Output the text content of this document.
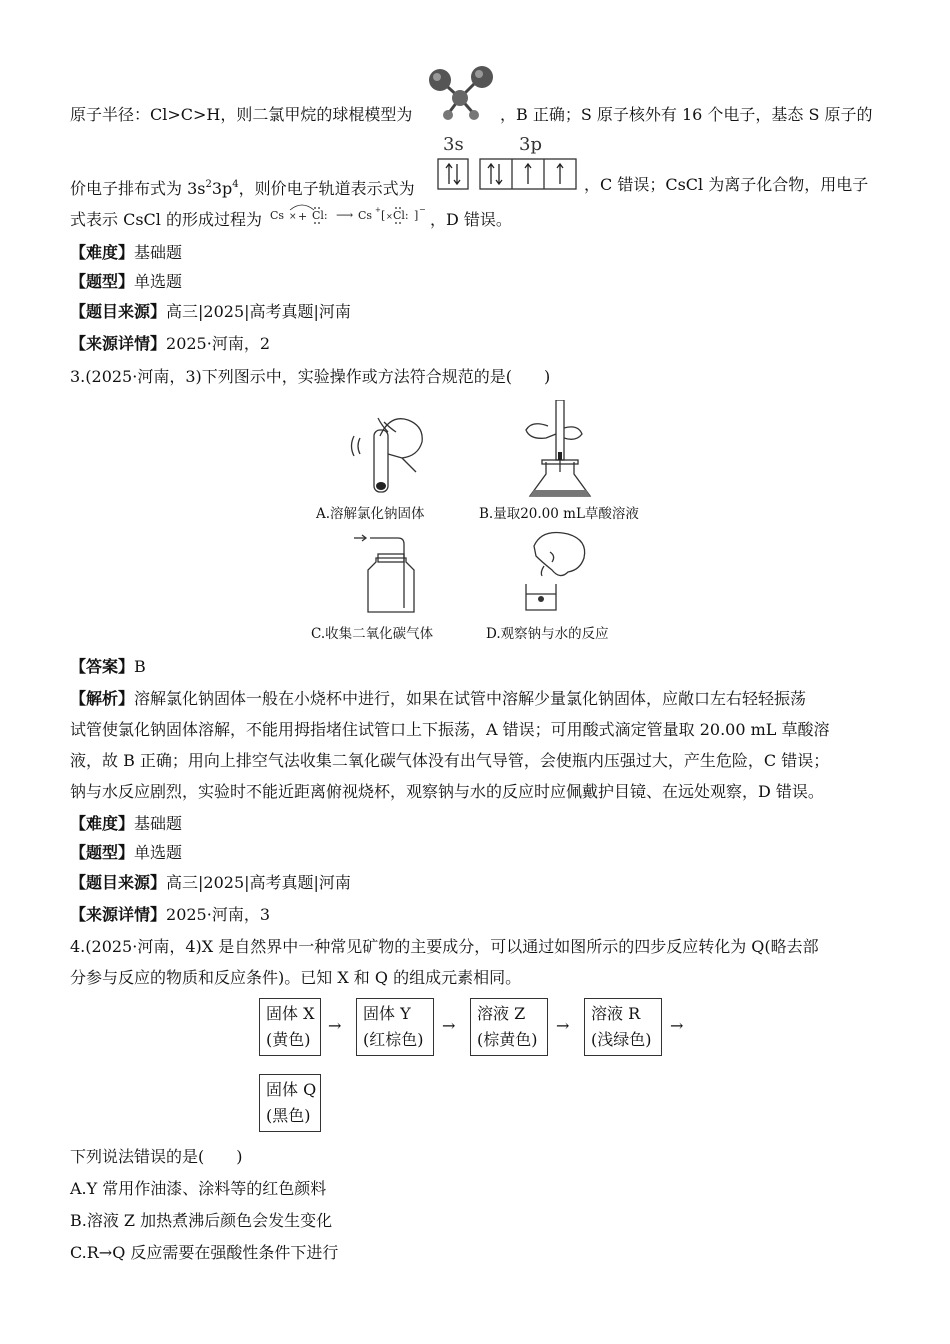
原子半径：Cl>C>H，则二氯甲烷的球棍模型为	，B 正确；S 原子核外有 16 个电子，基态 S 原子的
3s	3p
价电子排布式为 $3s^23p^4$，则价电子轨道表示式为	，C 错误；CsCl 为离子化合物，用电子
式表示 CsCl 的形成过程为 Cs × + Cl: ⟶ Cs + [ × Cl: ] −
，D 错误。
【难度】基础题
【题型】单选题
【题目来源】高三|2025|高考真题|河南
【来源详情】2025·河南，2
3.(2025·河南，3)下列图示中，实验操作或方法符合规范的是(　　)
A.溶解氯化钠固体	B.量取20.00 mL草酸溶液
C.收集二氧化碳气体	D.观察钠与水的反应
【答案】B
【解析】溶解氯化钠固体一般在小烧杯中进行，如果在试管中溶解少量氯化钠固体，应敞口左右轻轻振荡
试管使氯化钠固体溶解，不能用拇指堵住试管口上下振荡，A 错误；可用酸式滴定管量取 20.00 mL 草酸溶
液，故 B 正确；用向上排空气法收集二氧化碳气体没有出气导管，会使瓶内压强过大，产生危险，C 错误；
钠与水反应剧烈，实验时不能近距离俯视烧杯，观察钠与水的反应时应佩戴护目镜、在远处观察，D 错误。
【难度】基础题
【题型】单选题
【题目来源】高三|2025|高考真题|河南
【来源详情】2025·河南，3
4.(2025·河南，4)X 是自然界中一种常见矿物的主要成分，可以通过如图所示的四步反应转化为 Q(略去部
分参与反应的物质和反应条件)。已知 X 和 Q 的组成元素相同。
固体 X
(黄色)
→
固体 Y
(红棕色)
→
溶液 Z
(棕黄色)
→
溶液 R
(浅绿色)
→
固体 Q
(黑色)
下列说法错误的是(　　)
A.Y 常用作油漆、涂料等的红色颜料
B.溶液 Z 加热煮沸后颜色会发生变化
C.R→Q 反应需要在强酸性条件下进行
